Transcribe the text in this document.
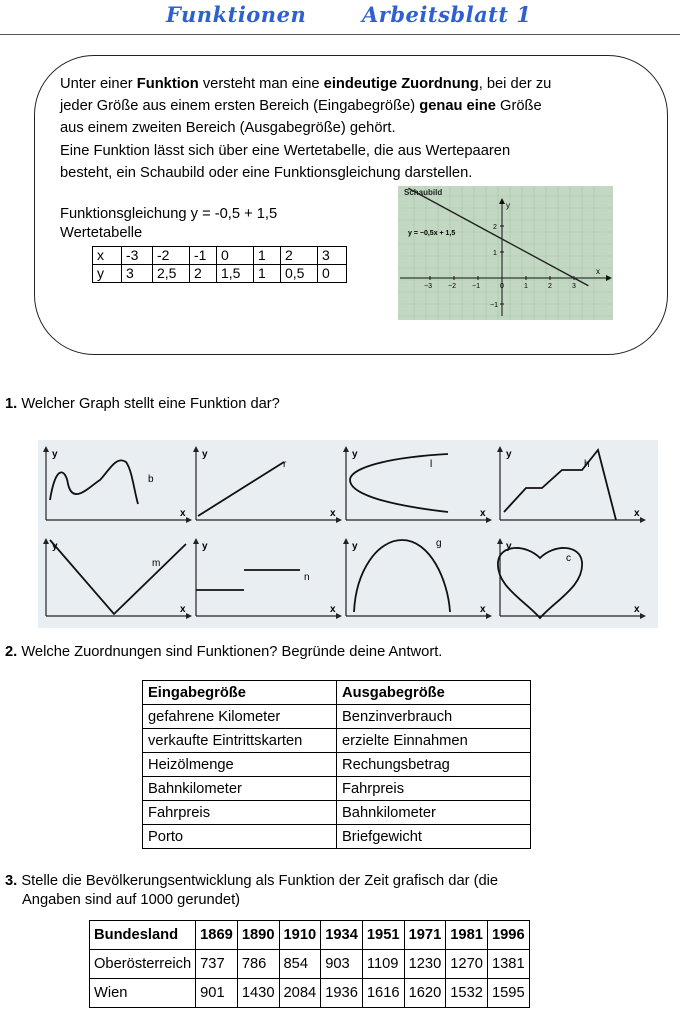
Funktionen	Arbeitsblatt 1
Unter einer Funktion versteht man eine eindeutige Zuordnung, bei der zu
jeder Größe aus einem ersten Bereich (Eingabegröße) genau eine Größe
aus einem zweiten Bereich (Ausgabegröße) gehört.
Eine Funktion lässt sich über eine Wertetabelle, die aus Wertepaaren
besteht, ein Schaubild oder eine Funktionsgleichung darstellen.
Funktionsgleichung y = -0,5 + 1,5
Wertetabelle
x	-3	-2	-1	0	1	2	3
y	3	2,5	2	1,5	1	0,5	0
Schaubild
x
y
−3 −2 −1	0	1	2	3
2
1
−1
y = −0,5x + 1,5
1. Welcher Graph stellt eine Funktion dar?
y
x
y
x
y
x
y
x
y
x
y
x
y
x
y
x
b
r	l	h
m
n
g
c
2. Welche Zuordnungen sind Funktionen? Begründe deine Antwort.
Eingabegröße	Ausgabegröße
gefahrene Kilometer	Benzinverbrauch
verkaufte Eintrittskarten	erzielte Einnahmen
Heizölmenge	Rechungsbetrag
Bahnkilometer	Fahrpreis
Fahrpreis	Bahnkilometer
Porto	Briefgewicht
3. Stelle die Bevölkerungsentwicklung als Funktion der Zeit grafisch dar (die
Angaben sind auf 1000 gerundet)
Bundesland	1869	1890	1910	1934	1951	1971	1981	1996
Oberösterreich	737	786	854	903	1109	1230	1270	1381
Wien	901	1430	2084	1936	1616	1620	1532	1595
